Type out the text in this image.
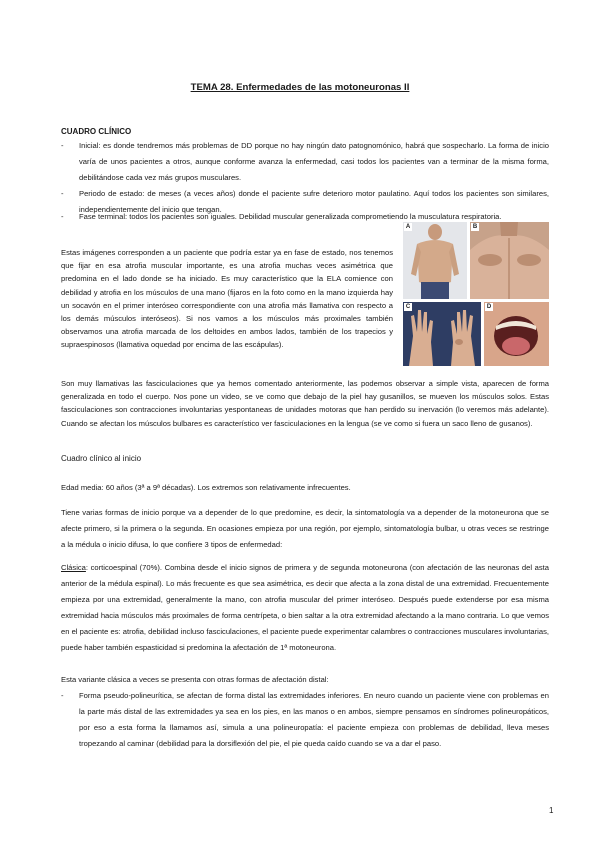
TEMA 28. Enfermedades de las motoneuronas II
CUADRO CLÍNICO
- Inicial: es donde tendremos más problemas de DD porque no hay ningún dato patognomónico, habrá que sospecharlo. La forma de inicio varía de unos pacientes a otros, aunque conforme avanza la enfermedad, casi todos los pacientes van a terminar de la misma forma, debilitándose cada vez más grupos musculares.
- Periodo de estado: de meses (a veces años) donde el paciente sufre deterioro motor paulatino. Aquí todos los pacientes son similares, independientemente del inicio que tengan.
- Fase terminal: todos los pacientes son iguales. Debilidad muscular generalizada comprometiendo la musculatura respiratoria.
Estas imágenes corresponden a un paciente que podría estar ya en fase de estado, nos tenemos que fijar en esa atrofia muscular importante, es una atrofia muchas veces asimétrica que predomina en el lado donde se ha iniciado. Es muy característico que la ELA comience con debilidad y atrofia en los músculos de una mano (fijaros en la foto como en la mano izquierda hay un socavón en el primer interóseo correspondiente con una atrofia más llamativa con respecto a los demás músculos interóseos). Si nos vamos a los músculos más proximales también observamos una atrofia marcada de los deltoides en ambos lados, también de los trapecios y supraespinosos (llamativa oquedad por encima de las escápulas).
A	B
C	D
Son muy llamativas las fasciculaciones que ya hemos comentado anteriormente, las podemos observar a simple vista, aparecen de forma generalizada en todo el cuerpo. Nos pone un video, se ve como que debajo de la piel hay gusanillos, se mueven los músculos solos. Estas fasciculaciones son contracciones involuntarias yespontaneas de unidades motoras que han perdido su inervación (lo veremos más adelante). Cuando se afectan los músculos bulbares es característico ver fasciculaciones en la lengua (se ve como si fuera un saco lleno de gusanos).
Cuadro clínico al inicio
Edad media: 60 años (3ª a 9ª décadas). Los extremos son relativamente infrecuentes.
Tiene varias formas de inicio porque va a depender de lo que predomine, es decir, la sintomatología va a depender de la motoneurona que se afecte primero, si la primera o la segunda. En ocasiones empieza por una región, por ejemplo, sintomatología bulbar, u otras veces se restringe a la médula o inicio difusa, lo que confiere 3 tipos de enfermedad:
Clásica: corticoespinal (70%). Combina desde el inicio signos de primera y de segunda motoneurona (con afectación de las neuronas del asta anterior de la médula espinal). Lo más frecuente es que sea asimétrica, es decir que afecta a la zona distal de una extremidad. Frecuentemente empieza por una extremidad, generalmente la mano, con atrofia muscular del primer interóseo. Después puede extenderse por esa misma extremidad hacia músculos más proximales de forma centrípeta, o bien saltar a la otra extremidad afectando a la mano contraria. Lo que vemos en el paciente es: atrofia, debilidad incluso fasciculaciones, el paciente puede experimentar calambres o contracciones musculares involuntarias, puede haber también espasticidad si predomina la afectación de 1ª motoneurona.
Esta variante clásica a veces se presenta con otras formas de afectación distal:
- Forma pseudo-polineurítica, se afectan de forma distal las extremidades inferiores. En neuro cuando un paciente viene con problemas en la parte más distal de las extremidades ya sea en los pies, en las manos o en ambos, siempre pensamos en síndromes polineuropáticos, por eso a esta forma la llamamos así, simula a una polineuropatía: el paciente empieza con problemas de debilidad, lleva meses tropezando al caminar (debilidad para la dorsiflexión del pie, el pie queda caído cuando se va a dar el paso.
1
